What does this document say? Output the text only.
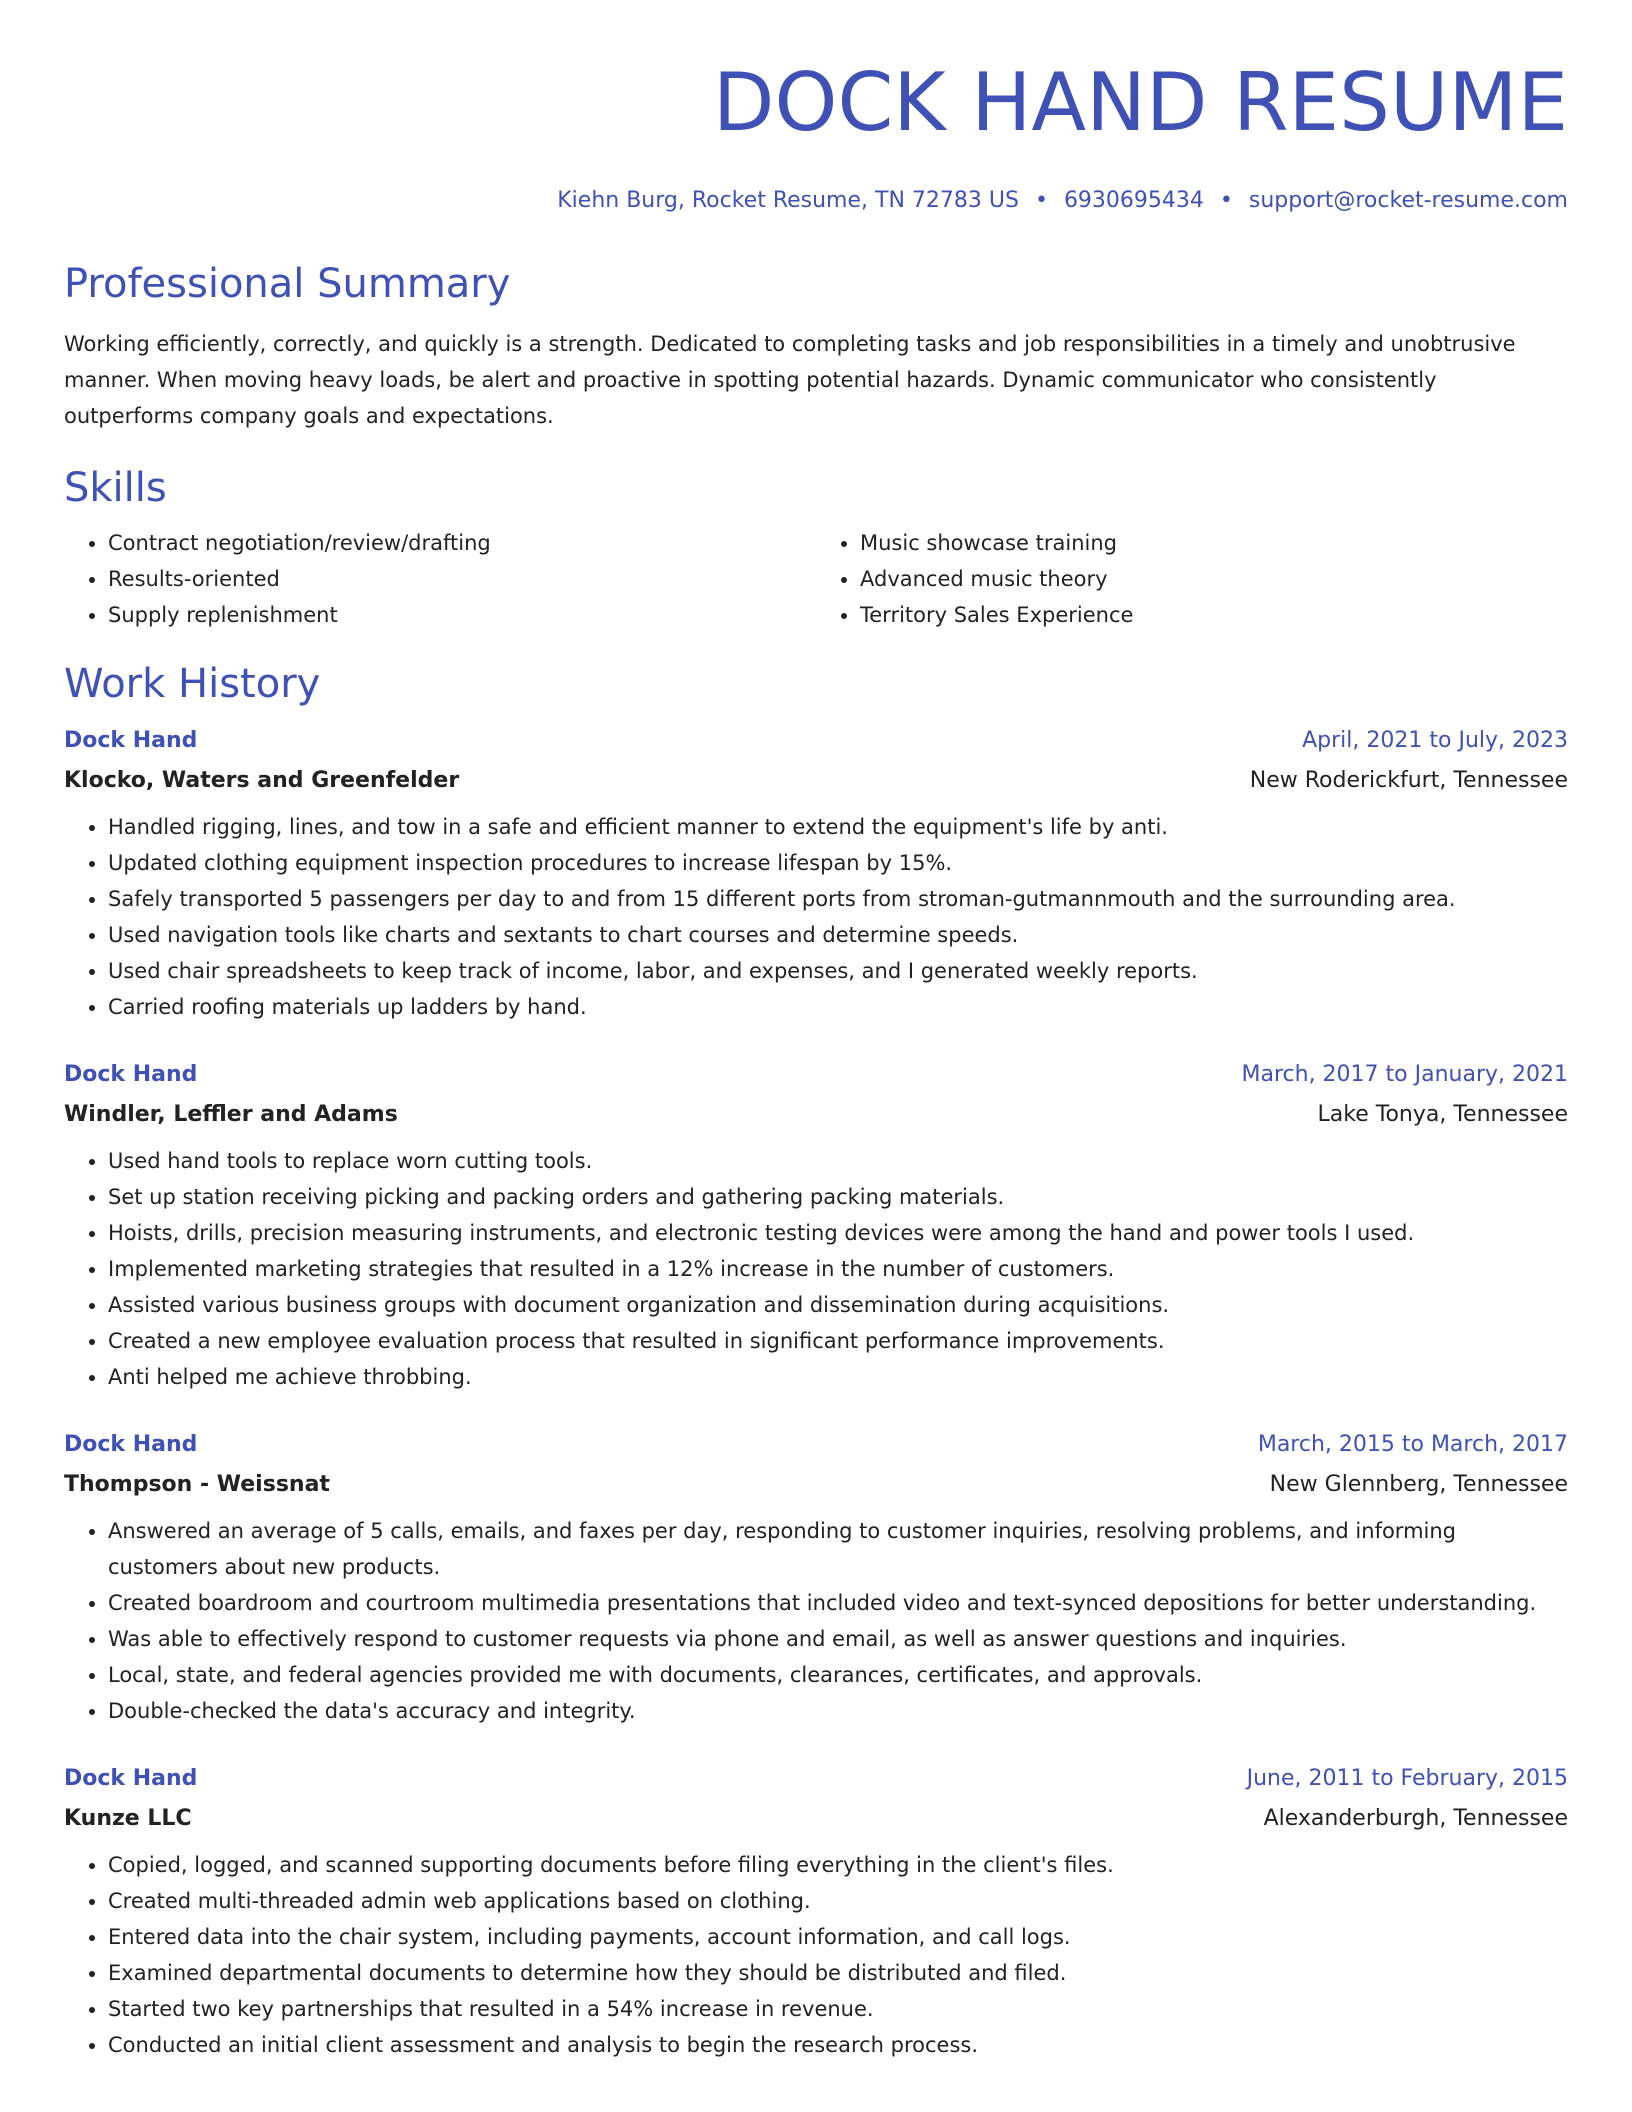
DOCK HAND RESUME
Kiehn Burg, Rocket Resume, TN 72783 US • 6930695434 • support@rocket-resume.com
Professional Summary
Working efficiently, correctly, and quickly is a strength. Dedicated to completing tasks and job responsibilities in a timely and unobtrusive manner. When moving heavy loads, be alert and proactive in spotting potential hazards. Dynamic communicator who consistently outperforms company goals and expectations.
Skills
• Contract negotiation/review/drafting
• Results-oriented
• Supply replenishment
• Music showcase training
• Advanced music theory
• Territory Sales Experience
Work History
Dock Hand	April, 2021 to July, 2023
Klocko, Waters and Greenfelder	New Roderickfurt, Tennessee
• Handled rigging, lines, and tow in a safe and efficient manner to extend the equipment's life by anti.
• Updated clothing equipment inspection procedures to increase lifespan by 15%.
• Safely transported 5 passengers per day to and from 15 different ports from stroman-gutmannmouth and the surrounding area.
• Used navigation tools like charts and sextants to chart courses and determine speeds.
• Used chair spreadsheets to keep track of income, labor, and expenses, and I generated weekly reports.
• Carried roofing materials up ladders by hand.
Dock Hand	March, 2017 to January, 2021
Windler, Leffler and Adams	Lake Tonya, Tennessee
• Used hand tools to replace worn cutting tools.
• Set up station receiving picking and packing orders and gathering packing materials.
• Hoists, drills, precision measuring instruments, and electronic testing devices were among the hand and power tools I used.
• Implemented marketing strategies that resulted in a 12% increase in the number of customers.
• Assisted various business groups with document organization and dissemination during acquisitions.
• Created a new employee evaluation process that resulted in significant performance improvements.
• Anti helped me achieve throbbing.
Dock Hand	March, 2015 to March, 2017
Thompson - Weissnat	New Glennberg, Tennessee
• Answered an average of 5 calls, emails, and faxes per day, responding to customer inquiries, resolving problems, and informing customers about new products.
• Created boardroom and courtroom multimedia presentations that included video and text-synced depositions for better understanding.
• Was able to effectively respond to customer requests via phone and email, as well as answer questions and inquiries.
• Local, state, and federal agencies provided me with documents, clearances, certificates, and approvals.
• Double-checked the data's accuracy and integrity.
Dock Hand	June, 2011 to February, 2015
Kunze LLC	Alexanderburgh, Tennessee
• Copied, logged, and scanned supporting documents before filing everything in the client's files.
• Created multi-threaded admin web applications based on clothing.
• Entered data into the chair system, including payments, account information, and call logs.
• Examined departmental documents to determine how they should be distributed and filed.
• Started two key partnerships that resulted in a 54% increase in revenue.
• Conducted an initial client assessment and analysis to begin the research process.
